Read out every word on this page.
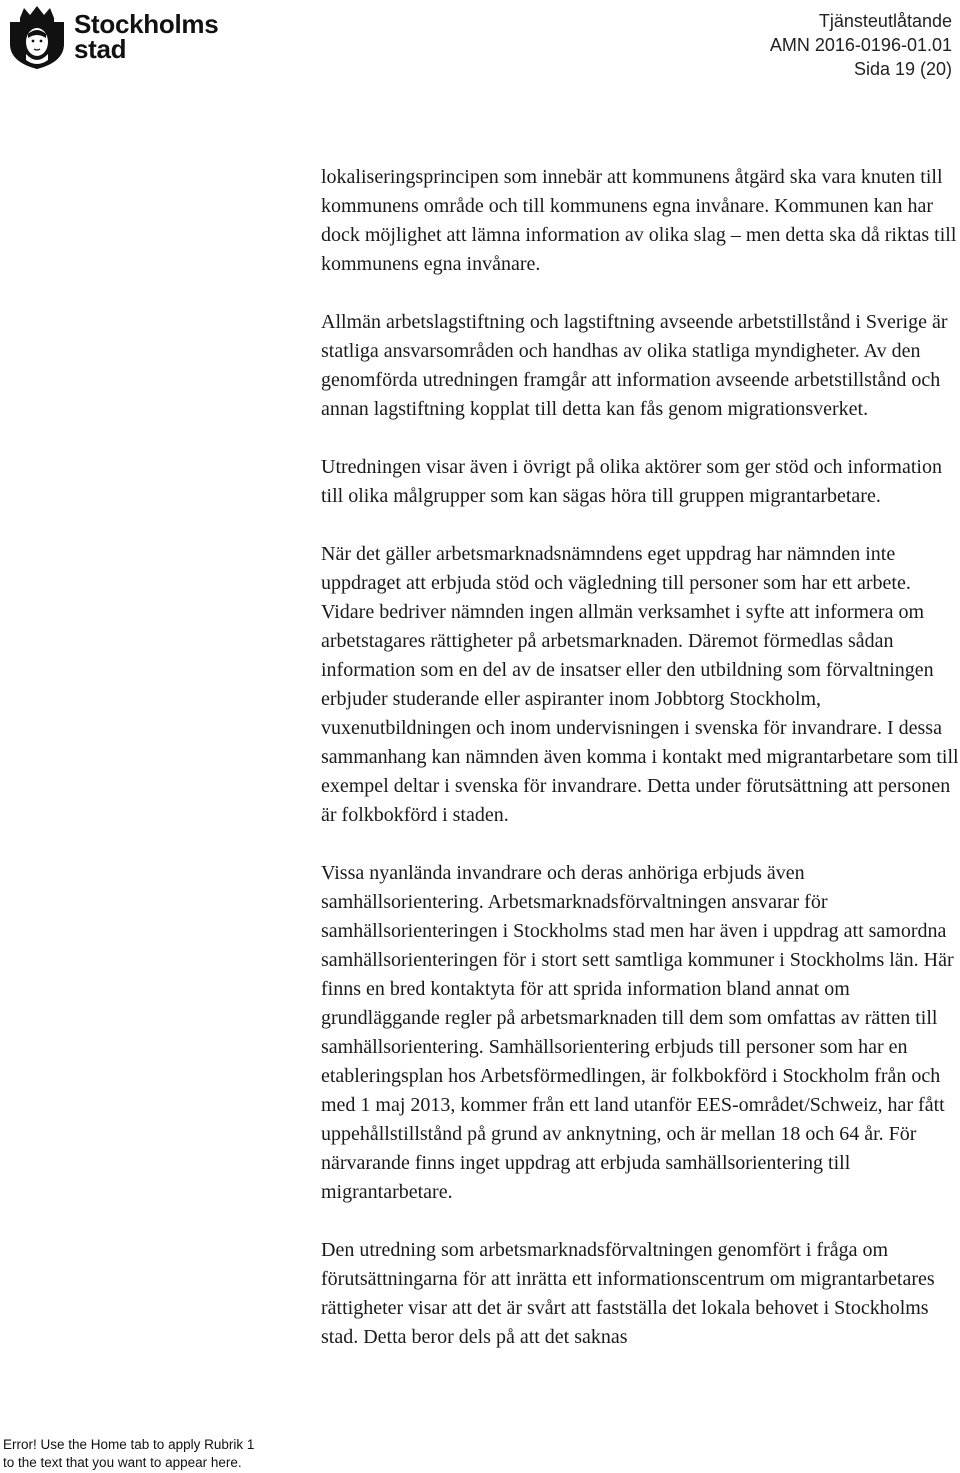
Stockholms
stad
Tjänsteutlåtande
AMN 2016-0196-01.01
Sida 19 (20)

lokaliseringsprincipen som innebär att kommunens åtgärd ska vara knuten till kommunens område och till kommunens egna invånare. Kommunen kan har dock möjlighet att lämna information av olika slag – men detta ska då riktas till kommunens egna invånare.

Allmän arbetslagstiftning och lagstiftning avseende arbetstillstånd i Sverige är statliga ansvarsområden och handhas av olika statliga myndigheter. Av den genomförda utredningen framgår att information avseende arbetstillstånd och annan lagstiftning kopplat till detta kan fås genom migrationsverket.

Utredningen visar även i övrigt på olika aktörer som ger stöd och information till olika målgrupper som kan sägas höra till gruppen migrantarbetare.

När det gäller arbetsmarknadsnämndens eget uppdrag har nämnden inte uppdraget att erbjuda stöd och vägledning till personer som har ett arbete. Vidare bedriver nämnden ingen allmän verksamhet i syfte att informera om arbetstagares rättigheter på arbetsmarknaden. Däremot förmedlas sådan information som en del av de insatser eller den utbildning som förvaltningen erbjuder studerande eller aspiranter inom Jobbtorg Stockholm, vuxenutbildningen och inom undervisningen i svenska för invandrare. I dessa sammanhang kan nämnden även komma i kontakt med migrantarbetare som till exempel deltar i svenska för invandrare. Detta under förutsättning att personen är folkbokförd i staden.

Vissa nyanlända invandrare och deras anhöriga erbjuds även samhällsorientering. Arbetsmarknadsförvaltningen ansvarar för samhällsorienteringen i Stockholms stad men har även i uppdrag att samordna samhällsorienteringen för i stort sett samtliga kommuner i Stockholms län. Här finns en bred kontaktyta för att sprida information bland annat om grundläggande regler på arbetsmarknaden till dem som omfattas av rätten till samhällsorientering. Samhällsorientering erbjuds till personer som har en etableringsplan hos Arbetsförmedlingen, är folkbokförd i Stockholm från och med 1 maj 2013, kommer från ett land utanför EES-området/Schweiz, har fått uppehållstillstånd på grund av anknytning, och är mellan 18 och 64 år. För närvarande finns inget uppdrag att erbjuda samhällsorientering till migrantarbetare.

Den utredning som arbetsmarknadsförvaltningen genomfört i fråga om förutsättningarna för att inrätta ett informationscentrum om migrantarbetares rättigheter visar att det är svårt att fastställa det lokala behovet i Stockholms stad. Detta beror dels på att det saknas

Error! Use the Home tab to apply Rubrik 1
to the text that you want to appear here.
